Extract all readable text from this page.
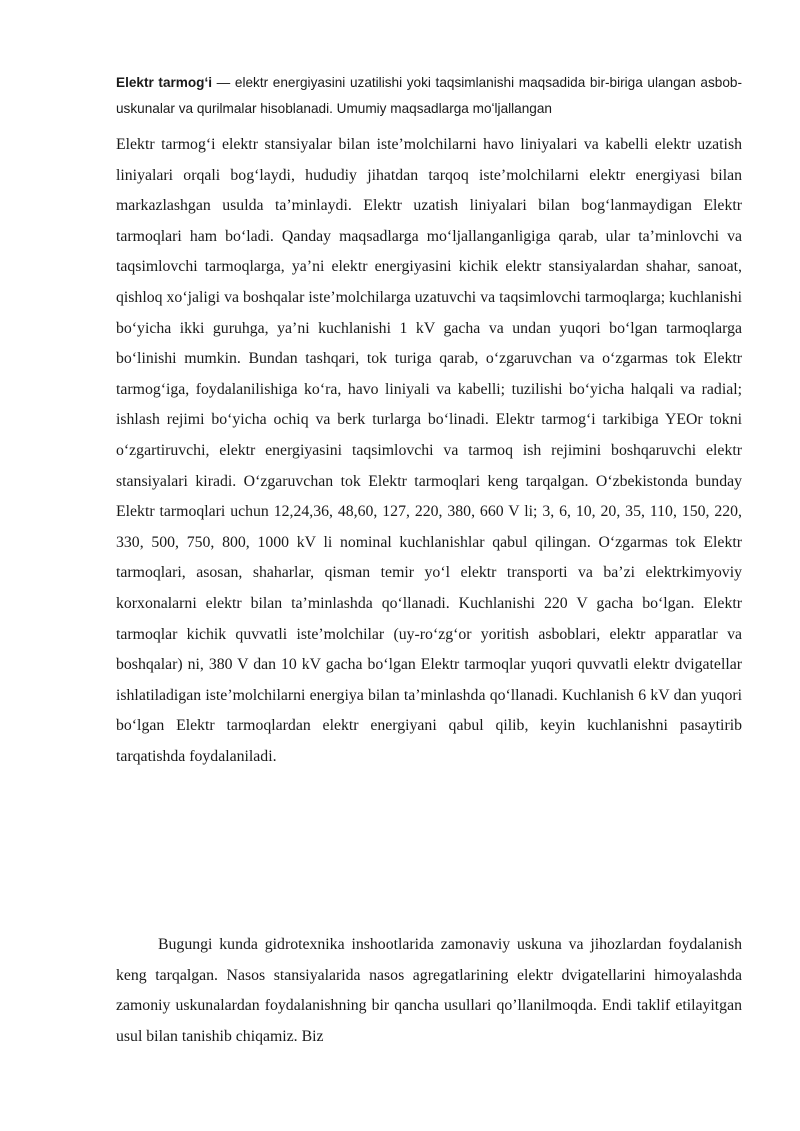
Elektr tarmogʻi — elektr energiyasini uzatilishi yoki taqsimlanishi maqsadida bir-biriga ulangan asbob-uskunalar va qurilmalar hisoblanadi. Umumiy maqsadlarga moʻljallangan

Elektr tarmogʻi elektr stansiyalar bilan isteʼmolchilarni havo liniyalari va kabelli elektr uzatish liniyalari orqali bogʻlaydi, hududiy jihatdan tarqoq isteʼmolchilarni elektr energiyasi bilan markazlashgan usulda taʼminlaydi. Elektr uzatish liniyalari bilan bogʻlanmaydigan Elektr tarmoqlari ham boʻladi. Qanday maqsadlarga moʻljallanganligiga qarab, ular taʼminlovchi va taqsimlovchi tarmoqlarga, yaʼni elektr energiyasini kichik elektr stansiyalardan shahar, sanoat, qishloq xoʻjaligi va boshqalar isteʼmolchilarga uzatuvchi va taqsimlovchi tarmoqlarga; kuchlanishi boʻyicha ikki guruhga, yaʼni kuchlanishi 1 kV gacha va undan yuqori boʻlgan tarmoqlarga boʻlinishi mumkin. Bundan tashqari, tok turiga qarab, oʻzgaruvchan va oʻzgarmas tok Elektr tarmogʻiga, foydalanilishiga koʻra, havo liniyali va kabelli; tuzilishi boʻyicha halqali va radial; ishlash rejimi boʻyicha ochiq va berk turlarga boʻlinadi. Elektr tarmogʻi tarkibiga YEOr tokni oʻzgartiruvchi, elektr energiyasini taqsimlovchi va tarmoq ish rejimini boshqaruvchi elektr stansiyalari kiradi. Oʻzgaruvchan tok Elektr tarmoqlari keng tarqalgan. Oʻzbekistonda bunday Elektr tarmoqlari uchun 12,24,36, 48,60, 127, 220, 380, 660 V li; 3, 6, 10, 20, 35, 110, 150, 220, 330, 500, 750, 800, 1000 kV li nominal kuchlanishlar qabul qilingan. Oʻzgarmas tok Elektr tarmoqlari, asosan, shaharlar, qisman temir yoʻl elektr transporti va baʼzi elektrkimyoviy korxonalarni elektr bilan taʼminlashda qoʻllanadi. Kuchlanishi 220 V gacha boʻlgan. Elektr tarmoqlar kichik quvvatli isteʼmolchilar (uy-roʻzgʻor yoritish asboblari, elektr apparatlar va boshqalar) ni, 380 V dan 10 kV gacha boʻlgan Elektr tarmoqlar yuqori quvvatli elektr dvigatellar ishlatiladigan isteʼmolchilarni energiya bilan taʼminlashda qoʻllanadi. Kuchlanish 6 kV dan yuqori boʻlgan Elektr tarmoqlardan elektr energiyani qabul qilib, keyin kuchlanishni pasaytirib tarqatishda foydalaniladi.

Bugungi kunda gidrotexnika inshootlarida zamonaviy uskuna va jihozlardan foydalanish keng tarqalgan. Nasos stansiyalarida nasos agregatlarining elektr dvigatellarini himoyalashda zamoniy uskunalardan foydalanishning bir qancha usullari qo’llanilmoqda. Endi taklif etilayitgan usul bilan tanishib chiqamiz. Biz
